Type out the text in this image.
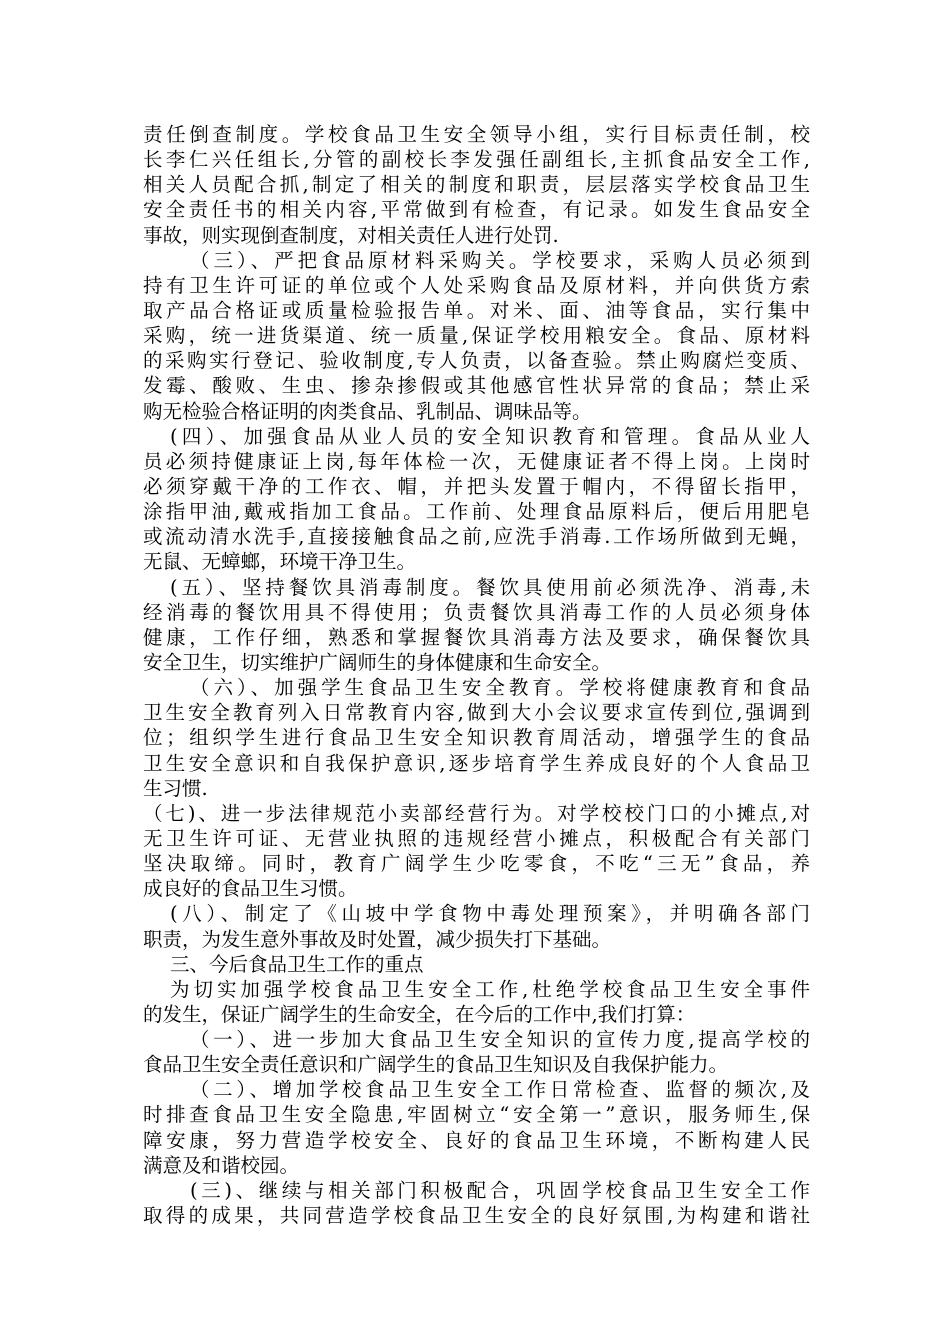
责任倒查制度。学校食品卫生安全领导小组，实行目标责任制，校
长李仁兴任组长,分管的副校长李发强任副组长,主抓食品安全工作,
相关人员配合抓,制定了相关的制度和职责，层层落实学校食品卫生
安全责任书的相关内容,平常做到有检查，有记录。如发生食品安全
事故，则实现倒查制度，对相关责任人进行处罚.
（三）、严把食品原材料采购关。学校要求，采购人员必须到
持有卫生许可证的单位或个人处采购食品及原材料，并向供货方索
取产品合格证或质量检验报告单。对米、面、油等食品，实行集中
采购，统一进货渠道、统一质量,保证学校用粮安全。食品、原材料
的采购实行登记、验收制度,专人负责，以备查验。禁止购腐烂变质、
发霉、酸败、生虫、掺杂掺假或其他感官性状异常的食品；禁止采
购无检验合格证明的肉类食品、乳制品、调味品等。
(四）、加强食品从业人员的安全知识教育和管理。食品从业人
员必须持健康证上岗,每年体检一次，无健康证者不得上岗。上岗时
必须穿戴干净的工作衣、帽，并把头发置于帽内，不得留长指甲，
涂指甲油,戴戒指加工食品。工作前、处理食品原料后，便后用肥皂
或流动清水洗手,直接接触食品之前,应洗手消毒.工作场所做到无蝇，
无鼠、无蟑螂，环境干净卫生。
(五）、坚持餐饮具消毒制度。餐饮具使用前必须洗净、消毒,未
经消毒的餐饮用具不得使用；负责餐饮具消毒工作的人员必须身体
健康，工作仔细，熟悉和掌握餐饮具消毒方法及要求，确保餐饮具
安全卫生，切实维护广阔师生的身体健康和生命安全。
（六）、加强学生食品卫生安全教育。学校将健康教育和食品
卫生安全教育列入日常教育内容,做到大小会议要求宣传到位,强调到
位；组织学生进行食品卫生安全知识教育周活动，增强学生的食品
卫生安全意识和自我保护意识,逐步培育学生养成良好的个人食品卫
生习惯.
（七)、进一步法律规范小卖部经营行为。对学校校门口的小摊点,对
无卫生许可证、无营业执照的违规经营小摊点，积极配合有关部门
坚决取缔。同时，教育广阔学生少吃零食，不吃“三无”食品，养
成良好的食品卫生习惯。
(八）、制定了《山坡中学食物中毒处理预案》，并明确各部门
职责，为发生意外事故及时处置，减少损失打下基础。
三、今后食品卫生工作的重点
为切实加强学校食品卫生安全工作,杜绝学校食品卫生安全事件
的发生，保证广阔学生的生命安全，在今后的工作中,我们打算：
（一）、进一步加大食品卫生安全知识的宣传力度,提高学校的
食品卫生安全责任意识和广阔学生的食品卫生知识及自我保护能力。
（二）、增加学校食品卫生安全工作日常检查、监督的频次,及
时排查食品卫生安全隐患,牢固树立“安全第一”意识，服务师生,保
障安康，努力营造学校安全、良好的食品卫生环境，不断构建人民
满意及和谐校园。
(三)、继续与相关部门积极配合，巩固学校食品卫生安全工作
取得的成果，共同营造学校食品卫生安全的良好氛围,为构建和谐社
